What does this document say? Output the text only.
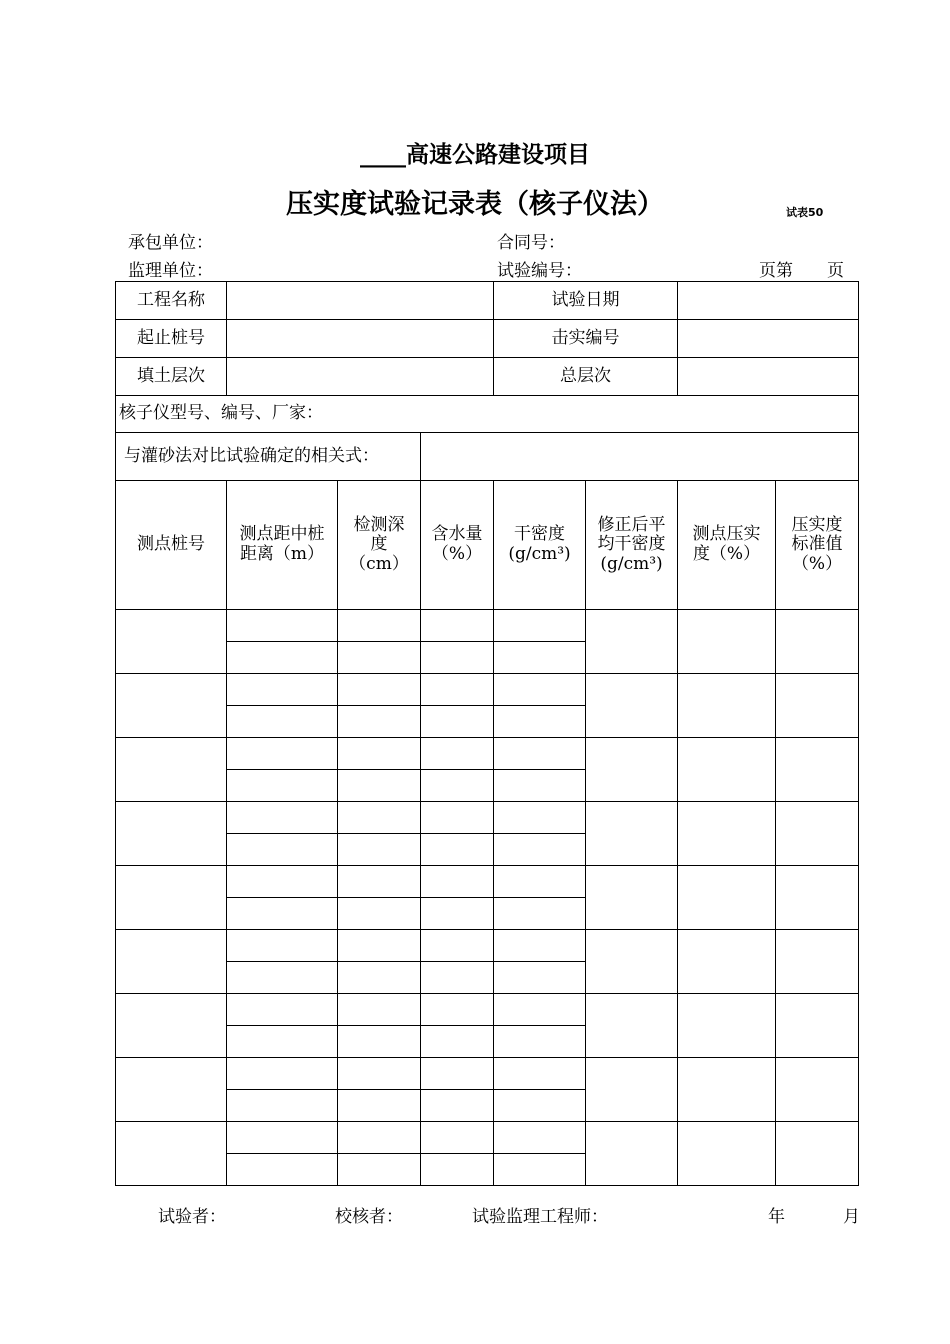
____高速公路建设项目
压实度试验记录表（核子仪法）	试表50
承包单位：	合同号：
监理单位：	试验编号：	页第　　页
工程名称				试验日期			
起止桩号				击实编号			
填土层次				总层次			
核子仪型号、编号、厂家：							
与灌砂法对比试验确定的相关式：							

测点桩号	测点距中桩距离（m）	检测深度（cm）	含水量（%）	干密度(g/cm³)	修正后平均干密度(g/cm³)	测点压实度（%）	压实度标准值（%）

试验者：	校核者：	试验监理工程师：	年	月
